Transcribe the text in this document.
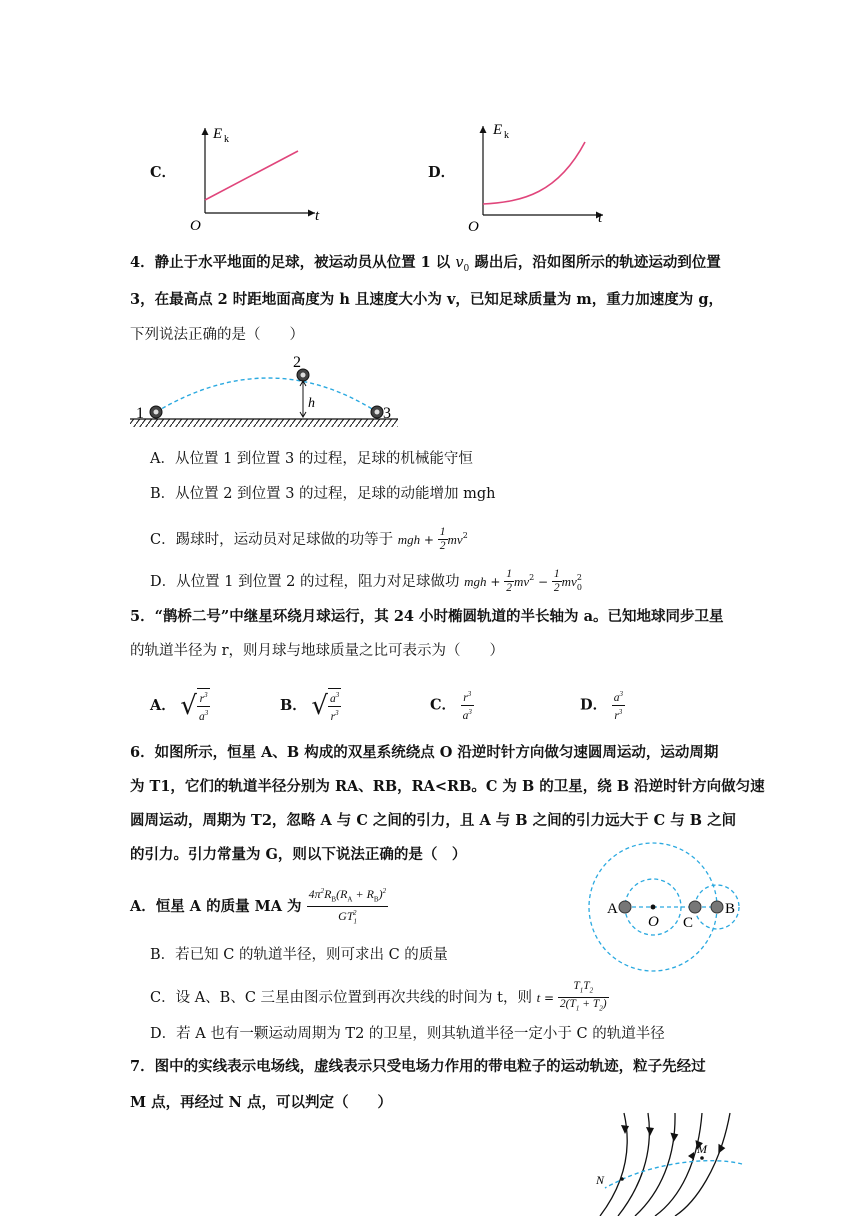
C．
E k
O
t
D．
E k
O
t
4．静止于水平地面的足球，被运动员从位置 1 以 $v_0$ 踢出后，沿如图所示的轨迹运动到位置
3，在最高点 2 时距地面高度为 h 且速度大小为 v，已知足球质量为 m，重力加速度为 g，
下列说法正确的是（　　）
h
1
2
3
A．从位置 1 到位置 3 的过程，足球的机械能守恒
B．从位置 2 到位置 3 的过程，足球的动能增加 mgh
C．踢球时，运动员对足球做的功等于 mgh + $\frac{1}{2} mv^2$
D．从位置 1 到位置 2 的过程，阻力对足球做功 mgh + $\frac{1}{2} mv^2 - \frac{1}{2} mv^2_0$
5．“鹊桥二号”中继星环绕月球运行，其 24 小时椭圆轨道的半长轴为 a。已知地球同步卫星
的轨道半径为 r，则月球与地球质量之比可表示为（　　）
A． √ $\frac{r^3}{a^3}$	B． √ $\frac{a^3}{r^3}$	C． $\frac{r^3}{a^3}$	D． $\frac{a^3}{r^3}$
6．如图所示，恒星 A、B 构成的双星系统绕点 O 沿逆时针方向做匀速圆周运动，运动周期
为 T1，它们的轨道半径分别为 RA、RB，RA<RB。C 为 B 的卫星，绕 B 沿逆时针方向做匀速
圆周运动，周期为 T2，忽略 A 与 C 之间的引力，且 A 与 B 之间的引力远大于 C 与 B 之间
的引力。引力常量为 G，则以下说法正确的是（　）
A．恒星 A 的质量 MA 为 $\frac{4\pi^2R_B(R_A + R_B)^2}{GT_1^2}$
B．若已知 C 的轨道半径，则可求出 C 的质量
C．设 A、B、C 三星由图示位置到再次共线的时间为 t，则 $t = \frac{T_1T_2}{2(T_1 + T_2)}$
D．若 A 也有一颗运动周期为 T2 的卫星，则其轨道半径一定小于 C 的轨道半径
A
O C
B
7．图中的实线表示电场线，虚线表示只受电场力作用的带电粒子的运动轨迹，粒子先经过
M 点，再经过 N 点，可以判定（　　）
M
N
